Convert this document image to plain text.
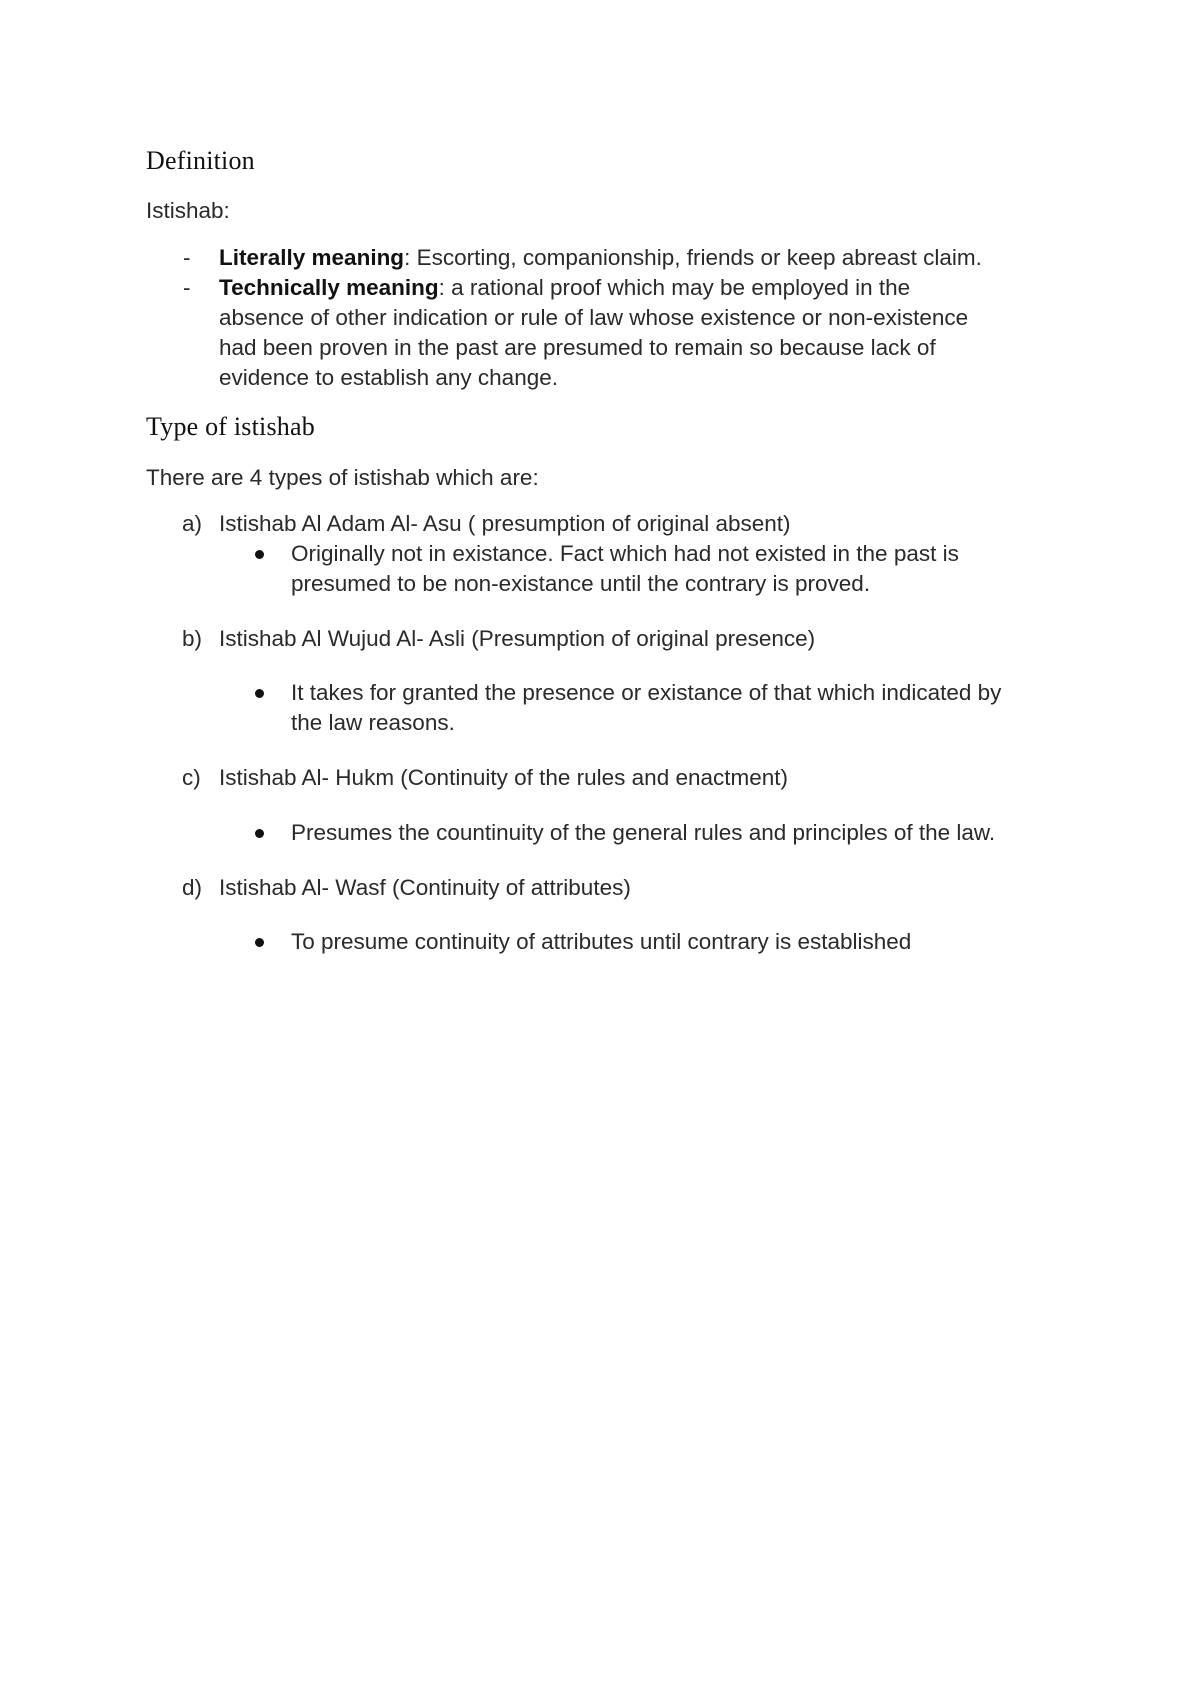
Definition

Istishab:

- Literally meaning: Escorting, companionship, friends or keep abreast claim.

- Technically meaning: a rational proof which may be employed in the

absence of other indication or rule of law whose existence or non-existence

had been proven in the past are presumed to remain so because lack of

evidence to establish any change.

Type of istishab

There are 4 types of istishab which are:

a) Istishab Al Adam Al- Asu ( presumption of original absent)

Originally not in existance. Fact which had not existed in the past is

presumed to be non-existance until the contrary is proved.

b) Istishab Al Wujud Al- Asli (Presumption of original presence)

It takes for granted the presence or existance of that which indicated by

the law reasons.

c) Istishab Al- Hukm (Continuity of the rules and enactment)

Presumes the countinuity of the general rules and principles of the law.

d) Istishab Al- Wasf (Continuity of attributes)

To presume continuity of attributes until contrary is established
